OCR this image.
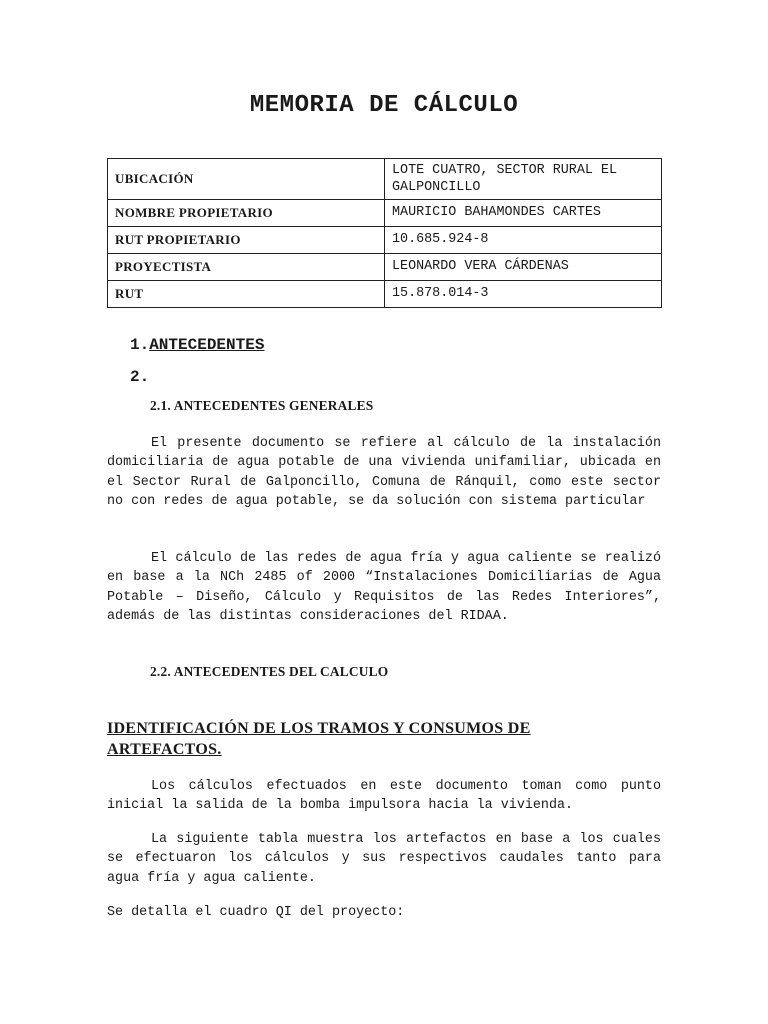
MEMORIA DE CÁLCULO
UBICACIÓN	LOTE CUATRO, SECTOR RURAL EL GALPONCILLO
NOMBRE PROPIETARIO	MAURICIO BAHAMONDES CARTES
RUT PROPIETARIO	10.685.924-8
PROYECTISTA	LEONARDO VERA CÁRDENAS
RUT	15.878.014-3
1.ANTECEDENTES
2.
2.1. ANTECEDENTES GENERALES

El presente documento se refiere al cálculo de la instalación domiciliaria de agua potable de una vivienda unifamiliar, ubicada en el Sector Rural de Galponcillo, Comuna de Ránquil, como este sector no con redes de agua potable, se da solución con sistema particular

El cálculo de las redes de agua fría y agua caliente se realizó en base a la NCh 2485 of 2000 “Instalaciones Domiciliarias de Agua Potable – Diseño, Cálculo y Requisitos de las Redes Interiores”, además de las distintas consideraciones del RIDAA.

2.2. ANTECEDENTES DEL CALCULO
IDENTIFICACIÓN DE LOS TRAMOS Y CONSUMOS DE ARTEFACTOS.

Los cálculos efectuados en este documento toman como punto inicial la salida de la bomba impulsora hacia la vivienda.

La siguiente tabla muestra los artefactos en base a los cuales se efectuaron los cálculos y sus respectivos caudales tanto para agua fría y agua caliente.

Se detalla el cuadro QI del proyecto:
